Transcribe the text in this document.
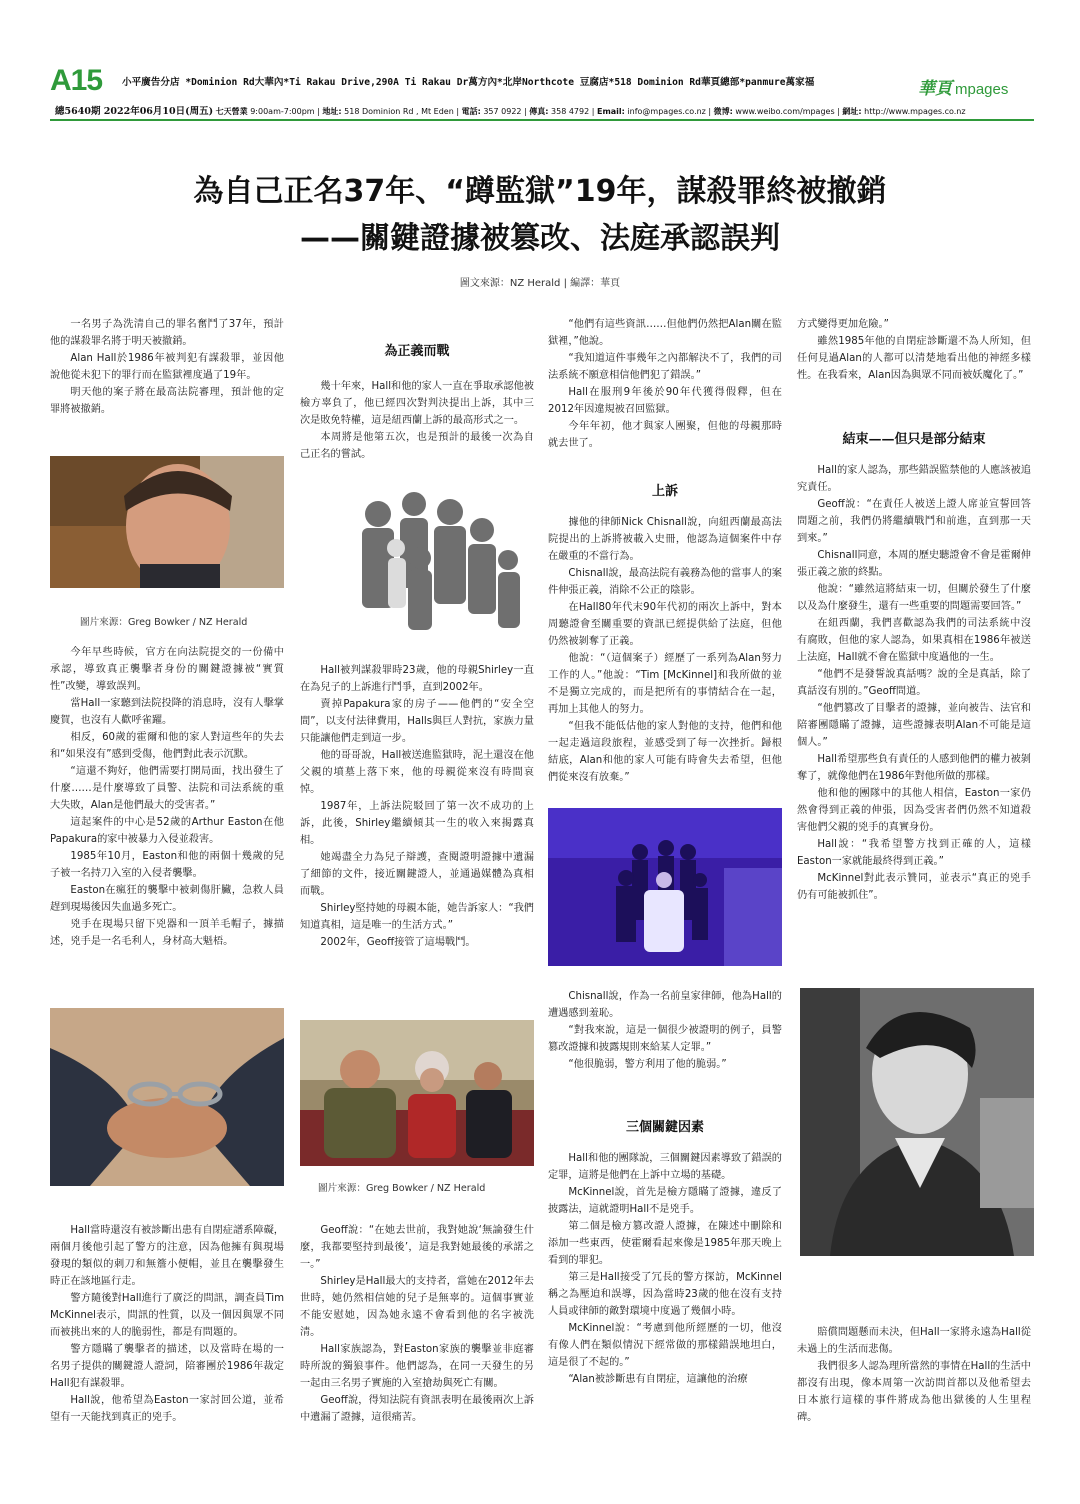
A15 小平廣告分店 *Dominion Rd大華內*Ti Rakau Drive,290A Ti Rakau Dr萬方內*北岸Northcote 豆腐店*518 Dominion Rd華頁總部*panmure萬家福	華頁 mpages
總5640期 2022年06月10日(周五) 七天營業 9:00am-7:00pm | 地址: 518 Dominion Rd , Mt Eden | 電話: 357 0922 | 傳真: 358 4792 | Email: info@mpages.co.nz | 微博: www.weibo.com/mpages | 網址: http://www.mpages.co.nz
為自己正名37年、“蹲監獄”19年，謀殺罪終被撤銷
——關鍵證據被篡改、法庭承認誤判
圖文來源：NZ Herald | 編譯：華頁

一名男子為洗清自己的罪名奮鬥了37年，預計他的謀殺罪名將于明天被撤銷。

Alan Hall於1986年被判犯有謀殺罪，並因他說他從未犯下的罪行而在監獄裡度過了19年。

明天他的案子將在最高法院審理，預計他的定罪將被撤銷。

圖片來源：Greg Bowker / NZ Herald

今年早些時候，官方在向法院提交的一份備中承認，導致真正襲擊者身份的關鍵證據被“實質性”改變，導致誤判。

當Hall一家聽到法院投降的消息時，沒有人擊掌慶賀，也沒有人歡呼雀躍。

相反，60歲的霍爾和他的家人對這些年的失去和“如果沒有”感到受傷，他們對此表示沉默。

“這還不夠好，他們需要打開局面，找出發生了什麼……是什麼導致了員警、法院和司法系統的重大失敗，Alan是他們最大的受害者。”

這起案件的中心是52歲的Arthur Easton在他Papakura的家中被暴力入侵並殺害。

1985年10月，Easton和他的兩個十幾歲的兒子被一名持刀入室的入侵者襲擊。

Easton在瘋狂的襲擊中被刺傷肝臟，急救人員趕到現場後因失血過多死亡。

兇手在現場只留下兇器和一頂羊毛帽子，據描述，兇手是一名毛利人，身材高大魁梧。

Hall當時還沒有被診斷出患有自閉症譜系障礙，兩個月後他引起了警方的注意，因為他擁有與現場發現的類似的刺刀和無簷小便帽，並且在襲擊發生時正在該地區行走。

警方隨後對Hall進行了廣泛的問訊，調查員Tim McKinnel表示，問訊的性質，以及一個因與眾不同而被挑出來的人的脆弱性，都是有問題的。

警方隱瞞了襲擊者的描述，以及當時在場的一名男子提供的關鍵證人證詞，陪審團於1986年裁定Hall犯有謀殺罪。

Hall說，他希望為Easton一家討回公道，並希望有一天能找到真正的兇手。

為正義而戰

幾十年來，Hall和他的家人一直在爭取承認他被檢方辜負了，他已經四次對判決提出上訴，其中三次是敗免特權，這是紐西蘭上訴的最高形式之一。

本周將是他第五次，也是預計的最後一次為自己正名的嘗試。

Hall被判謀殺罪時23歲，他的母親Shirley一直在為兒子的上訴進行鬥爭，直到2002年。

賣掉Papakura家的房子——他們的“安全空間”，以支付法律費用，Halls與巨人對抗，家族力量只能讓他們走到這一步。

他的哥哥說，Hall被送進監獄時，泥土還沒在他父親的墳墓上落下來，他的母親從來沒有時間哀悼。

1987年，上訴法院駁回了第一次不成功的上訴，此後，Shirley繼續傾其一生的收入來揭露真相。

她竭盡全力為兒子辯護，查閱證明證據中遺漏了細節的文件，接近關鍵證人，並通過媒體為真相而戰。

Shirley堅持她的母親本能，她告訴家人：“我們知道真相，這是唯一的生活方式。”

2002年，Geoff接管了這場戰鬥。

圖片來源：Greg Bowker / NZ Herald

Geoff說：“在她去世前，我對她說‘無論發生什麼，我都要堅持到最後’，這是我對她最後的承諾之一。”

Shirley是Hall最大的支持者，當她在2012年去世時，她仍然相信她的兒子是無辜的。這個事實並不能安慰她，因為她永遠不會看到他的名字被洗清。

Hall家族認為，對Easton家族的襲擊並非庭審時所說的獨狼事件。他們認為，在同一天發生的另一起由三名男子實施的入室搶劫與死亡有關。

Geoff說，得知法院有資訊表明在最後兩次上訴中遺漏了證據，這很痛苦。

“他們有這些資訊……但他們仍然把Alan關在監獄裡，”他說。

“我知道這件事幾年之內都解決不了，我們的司法系統不願意相信他們犯了錯誤。”

Hall在服刑9年後於90年代獲得假釋，但在2012年因違規被召回監獄。

今年年初，他才與家人團聚，但他的母親那時就去世了。

上訴

據他的律師Nick Chisnall說，向紐西蘭最高法院提出的上訴將被載入史冊，他認為這個案件中存在嚴重的不當行為。

Chisnall說，最高法院有義務為他的當事人的案件伸張正義，消除不公正的陰影。

在Hall80年代末90年代初的兩次上訴中，對本周聽證會至關重要的資訊已經提供給了法庭，但他仍然被剝奪了正義。

他說：“（這個案子）經歷了一系列為Alan努力工作的人。”他說：“Tim [McKinnel]和我所做的並不是獨立完成的，而是把所有的事情結合在一起，再加上其他人的努力。

“但我不能低估他的家人對他的支持，他們和他一起走過這段旅程，並感受到了每一次挫折。歸根結底，Alan和他的家人可能有時會失去希望，但他們從來沒有放棄。”

Chisnall說，作為一名前皇家律師，他為Hall的遭遇感到羞恥。

“對我來說，這是一個很少被證明的例子，員警篡改證據和披露規則來給某人定罪。”

“他很脆弱，警方利用了他的脆弱。”

三個關鍵因素

Hall和他的團隊說，三個關鍵因素導致了錯誤的定罪，這將是他們在上訴中立場的基礎。

McKinnel說，首先是檢方隱瞞了證據，違反了披露法，這就證明Hall不是兇手。

第二個是檢方篡改證人證據，在陳述中刪除和添加一些東西，使霍爾看起來像是1985年那天晚上看到的罪犯。

第三是Hall接受了冗長的警方探訪，McKinnel稱之為壓迫和誤導，因為當時23歲的他在沒有支持人員或律師的敵對環境中度過了幾個小時。

McKinnel說：“考慮到他所經歷的一切，他沒有像人們在類似情況下經常做的那樣錯誤地坦白，這是很了不起的。”

“Alan被診斷患有自閉症，這讓他的治療

方式變得更加危險。”

雖然1985年他的自閉症診斷還不為人所知，但任何見過Alan的人都可以清楚地看出他的神經多樣性。在我看來，Alan因為與眾不同而被妖魔化了。”

結束——但只是部分結束

Hall的家人認為，那些錯誤監禁他的人應該被追究責任。

Geoff說：“在責任人被送上證人席並宣誓回答問題之前，我們仍將繼續戰鬥和前進，直到那一天到來。”

Chisnall同意，本周的歷史聽證會不會是霍爾伸張正義之旅的終點。

他說：“雖然這將結束一切，但關於發生了什麼以及為什麼發生，還有一些重要的問題需要回答。”

在紐西蘭，我們喜歡認為我們的司法系統中沒有腐敗，但他的家人認為，如果真相在1986年被送上法庭，Hall就不會在監獄中度過他的一生。

“他們不是發誓說真話嗎？說的全是真話，除了真話沒有別的。”Geoff問道。

“他們篡改了目擊者的證據，並向被告、法官和陪審團隱瞞了證據，這些證據表明Alan不可能是這個人。”

Hall希望那些負有責任的人感到他們的權力被剝奪了，就像他們在1986年對他所做的那樣。

他和他的團隊中的其他人相信，Easton一家仍然會得到正義的伸張，因為受害者們仍然不知道殺害他們父親的兇手的真實身份。

Hall說：“我希望警方找到正確的人，這樣Easton一家就能最終得到正義。”

McKinnel對此表示贊同，並表示“真正的兇手仍有可能被抓住”。

賠償問題懸而未決，但Hall一家將永遠為Hall從未過上的生活而悲傷。

我們很多人認為理所當然的事情在Hall的生活中都沒有出現，像本周第一次訪問首都以及他希望去日本旅行這樣的事件將成為他出獄後的人生里程碑。
